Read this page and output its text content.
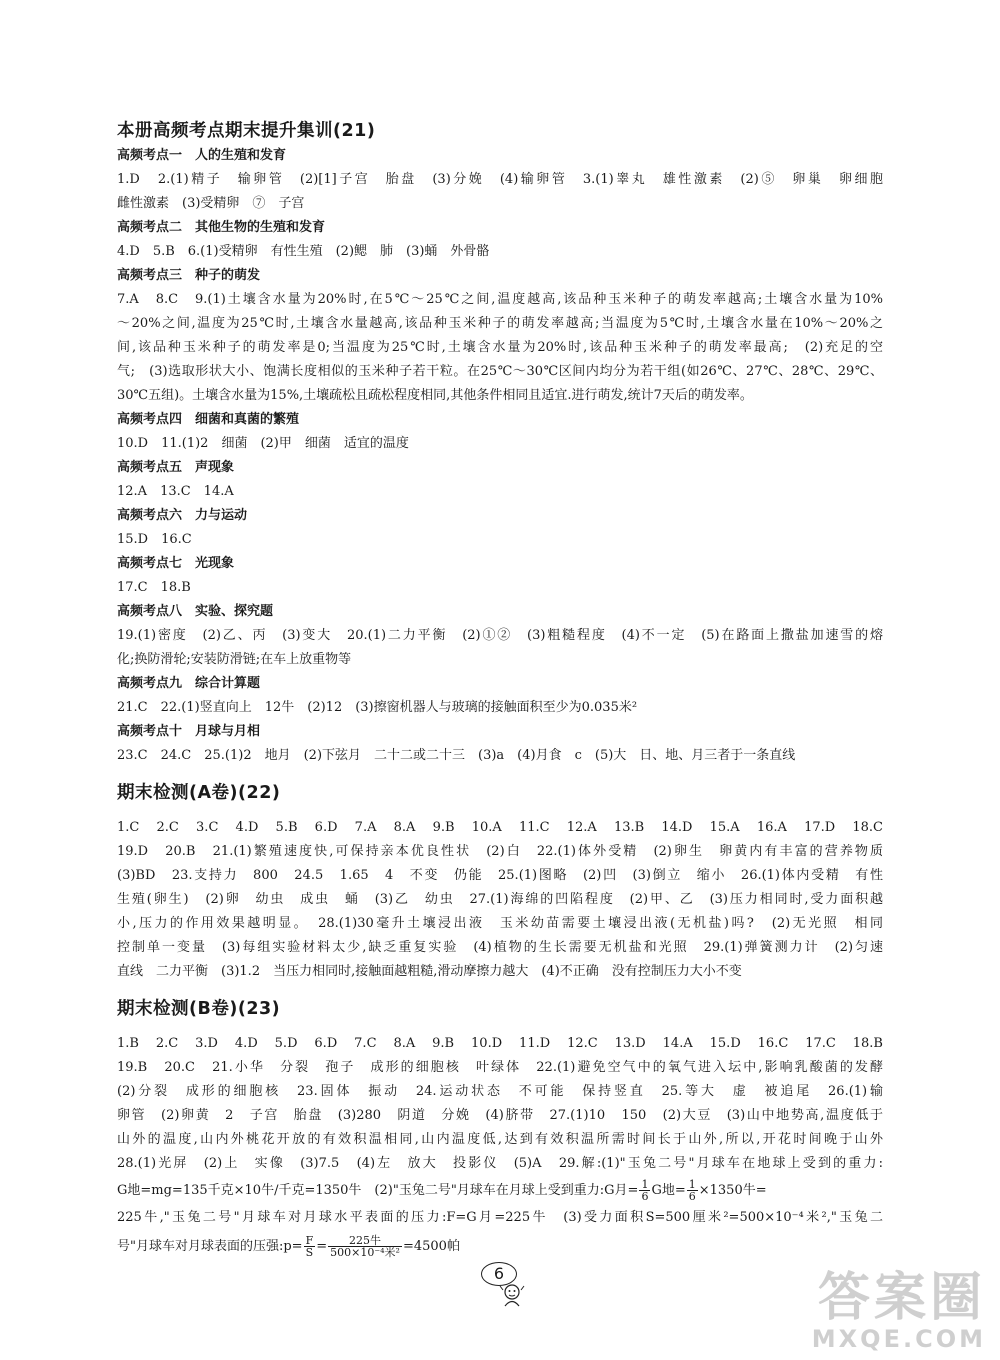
本册高频考点期末提升集训(21)
高频考点一　人的生殖和发育
1.D　2.(1)精子　输卵管　(2)[1]子宫　胎盘　(3)分娩　(4)输卵管　3.(1)睾丸　雄性激素　(2)⑤　卵巢　卵细胞
雌性激素　(3)受精卵　⑦　子宫
高频考点二　其他生物的生殖和发育
4.D　5.B　6.(1)受精卵　有性生殖　(2)鳃　肺　(3)蛹　外骨骼
高频考点三　种子的萌发
7.A　8.C　9.(1)土壤含水量为20%时,在5℃～25℃之间,温度越高,该品种玉米种子的萌发率越高;土壤含水量为10%
～20%之间,温度为25℃时,土壤含水量越高,该品种玉米种子的萌发率越高;当温度为5℃时,土壤含水量在10%～20%之
间,该品种玉米种子的萌发率是0;当温度为25℃时,土壤含水量为20%时,该品种玉米种子的萌发率最高;　(2)充足的空
气;　(3)选取形状大小、饱满长度相似的玉米种子若干粒。在25℃～30℃区间内均分为若干组(如26℃、27℃、28℃、29℃、
30℃五组)。土壤含水量为15%,土壤疏松且疏松程度相同,其他条件相同且适宜.进行萌发,统计7天后的萌发率。
高频考点四　细菌和真菌的繁殖
10.D　11.(1)2　细菌　(2)甲　细菌　适宜的温度
高频考点五　声现象
12.A　13.C　14.A
高频考点六　力与运动
15.D　16.C
高频考点七　光现象
17.C　18.B
高频考点八　实验、探究题
19.(1)密度　(2)乙、丙　(3)变大　20.(1)二力平衡　(2)①②　(3)粗糙程度　(4)不一定　(5)在路面上撒盐加速雪的熔
化;换防滑轮;安装防滑链;在车上放重物等
高频考点九　综合计算题
21.C　22.(1)竖直向上　12牛　(2)12　(3)擦窗机器人与玻璃的接触面积至少为0.035米²
高频考点十　月球与月相
23.C　24.C　25.(1)2　地月　(2)下弦月　二十二或二十三　(3)a　(4)月食　c　(5)大　日、地、月三者于一条直线
期末检测(A卷)(22)
1.C　2.C　3.C　4.D　5.B　6.D　7.A　8.A　9.B　10.A　11.C　12.A　13.B　14.D　15.A　16.A　17.D　18.C
19.D　20.B　21.(1)繁殖速度快,可保持亲本优良性状　(2)白　22.(1)体外受精　(2)卵生　卵黄内有丰富的营养物质
(3)BD　23.支持力　800　24.5　1.65　4　不变　仍能　25.(1)图略　(2)凹　(3)倒立　缩小　26.(1)体内受精　有性
生殖(卵生)　(2)卵　幼虫　成虫　蛹　(3)乙　幼虫　27.(1)海绵的凹陷程度　(2)甲、乙　(3)压力相同时,受力面积越
小,压力的作用效果越明显。　28.(1)30毫升土壤浸出液　玉米幼苗需要土壤浸出液(无机盐)吗?　(2)无光照　相同
控制单一变量　(3)每组实验材料太少,缺乏重复实验　(4)植物的生长需要无机盐和光照　29.(1)弹簧测力计　(2)匀速
直线　二力平衡　(3)1.2　当压力相同时,接触面越粗糙,滑动摩擦力越大　(4)不正确　没有控制压力大小不变
期末检测(B卷)(23)
1.B　2.C　3.D　4.D　5.D　6.D　7.C　8.A　9.B　10.D　11.D　12.C　13.D　14.A　15.D　16.C　17.C　18.B
19.B　20.C　21.小华　分裂　孢子　成形的细胞核　叶绿体　22.(1)避免空气中的氧气进入坛中,影响乳酸菌的发酵
(2)分裂　成形的细胞核　23.固体　振动　24.运动状态　不可能　保持竖直　25.等大　虚　被追尾　26.(1)输
卵管　(2)卵黄　2　子宫　胎盘　(3)280　阴道　分娩　(4)脐带　27.(1)10　150　(2)大豆　(3)山中地势高,温度低于
山外的温度,山内外桃花开放的有效积温相同,山内温度低,达到有效积温所需时间长于山外,所以,开花时间晚于山外
28.(1)光屏　(2)上　实像　(3)7.5　(4)左　放大　投影仪　(5)A　29.解:(1)"玉兔二号"月球车在地球上受到的重力:
G地=mg=135千克×10牛/千克=1350牛　(2)"玉兔二号"月球车在月球上受到重力:G月= $\frac{1}{6}$ G地= $\frac{1}{6} \times 1350$牛=
225牛,"玉兔二号"月球车对月球水平表面的压力:F=G月=225牛　(3)受力面积S=500厘米²=500×10⁻⁴米²,"玉兔二
号"月球车对月球表面的压强:p= $\frac{F}{S} = \frac{\text{225牛}}{\text{500×10⁻⁴米²}} =4500$帕
6	答案圈
MXQE.COM
